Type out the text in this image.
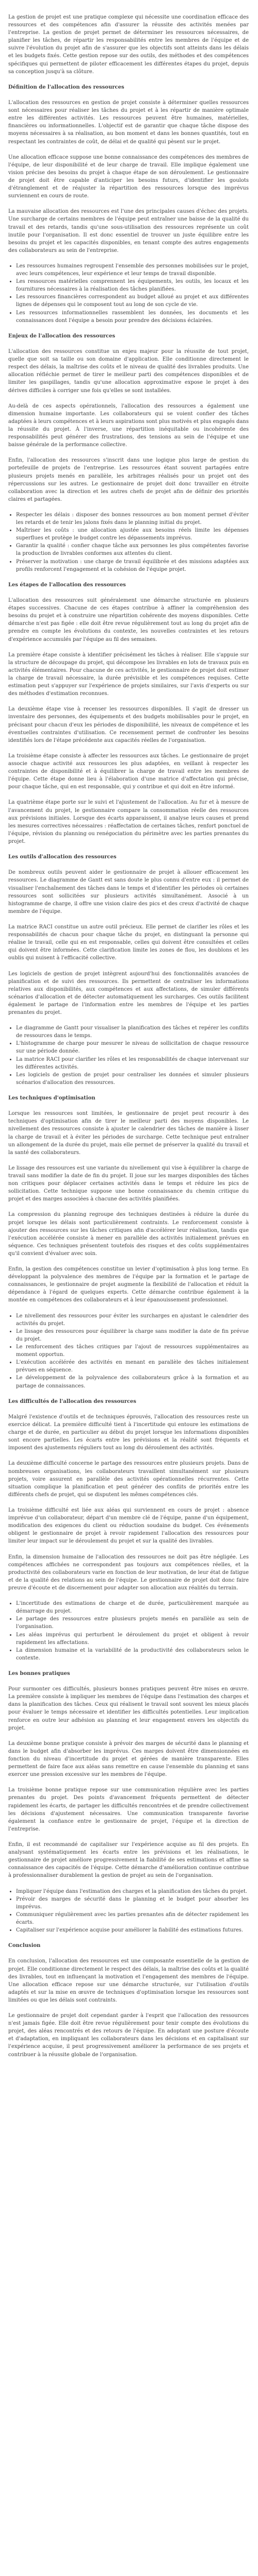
La gestion de projet est une pratique complexe qui nécessite une coordination efficace des ressources et des compétences afin d'assurer la réussite des activités menées par l'entreprise. La gestion de projet permet de déterminer les ressources nécessaires, de planifier les tâches, de répartir les responsabilités entre les membres de l'équipe et de suivre l'évolution du projet afin de s'assurer que les objectifs sont atteints dans les délais et les budgets fixés. Cette gestion repose sur des outils, des méthodes et des compétences spécifiques qui permettent de piloter efficacement les différentes étapes du projet, depuis sa conception jusqu'à sa clôture.

Définition de l'allocation des ressources

L'allocation des ressources en gestion de projet consiste à déterminer quelles ressources sont nécessaires pour réaliser les tâches du projet et à les répartir de manière optimale entre les différentes activités. Les ressources peuvent être humaines, matérielles, financières ou informationnelles. L'objectif est de garantir que chaque tâche dispose des moyens nécessaires à sa réalisation, au bon moment et dans les bonnes quantités, tout en respectant les contraintes de coût, de délai et de qualité qui pèsent sur le projet.

Une allocation efficace suppose une bonne connaissance des compétences des membres de l'équipe, de leur disponibilité et de leur charge de travail. Elle implique également une vision précise des besoins du projet à chaque étape de son déroulement. Le gestionnaire de projet doit être capable d'anticiper les besoins futurs, d'identifier les goulots d'étranglement et de réajuster la répartition des ressources lorsque des imprévus surviennent en cours de route.

La mauvaise allocation des ressources est l'une des principales causes d'échec des projets. Une surcharge de certains membres de l'équipe peut entraîner une baisse de la qualité du travail et des retards, tandis qu'une sous-utilisation des ressources représente un coût inutile pour l'organisation. Il est donc essentiel de trouver un juste équilibre entre les besoins du projet et les capacités disponibles, en tenant compte des autres engagements des collaborateurs au sein de l'entreprise.

• Les ressources humaines regroupent l'ensemble des personnes mobilisées sur le projet, avec leurs compétences, leur expérience et leur temps de travail disponible.
• Les ressources matérielles comprennent les équipements, les outils, les locaux et les fournitures nécessaires à la réalisation des tâches planifiées.
• Les ressources financières correspondent au budget alloué au projet et aux différentes lignes de dépenses qui le composent tout au long de son cycle de vie.
• Les ressources informationnelles rassemblent les données, les documents et les connaissances dont l'équipe a besoin pour prendre des décisions éclairées.

Enjeux de l'allocation des ressources

L'allocation des ressources constitue un enjeu majeur pour la réussite de tout projet, quelle que soit sa taille ou son domaine d'application. Elle conditionne directement le respect des délais, la maîtrise des coûts et le niveau de qualité des livrables produits. Une allocation réfléchie permet de tirer le meilleur parti des compétences disponibles et de limiter les gaspillages, tandis qu'une allocation approximative expose le projet à des dérives difficiles à corriger une fois qu'elles se sont installées.

Au-delà de ces aspects opérationnels, l'allocation des ressources a également une dimension humaine importante. Les collaborateurs qui se voient confier des tâches adaptées à leurs compétences et à leurs aspirations sont plus motivés et plus engagés dans la réussite du projet. À l'inverse, une répartition inéquitable ou incohérente des responsabilités peut générer des frustrations, des tensions au sein de l'équipe et une baisse générale de la performance collective.

Enfin, l'allocation des ressources s'inscrit dans une logique plus large de gestion du portefeuille de projets de l'entreprise. Les ressources étant souvent partagées entre plusieurs projets menés en parallèle, les arbitrages réalisés pour un projet ont des répercussions sur les autres. Le gestionnaire de projet doit donc travailler en étroite collaboration avec la direction et les autres chefs de projet afin de définir des priorités claires et partagées.

• Respecter les délais : disposer des bonnes ressources au bon moment permet d'éviter les retards et de tenir les jalons fixés dans le planning initial du projet.
• Maîtriser les coûts : une allocation ajustée aux besoins réels limite les dépenses superflues et protège le budget contre les dépassements imprévus.
• Garantir la qualité : confier chaque tâche aux personnes les plus compétentes favorise la production de livrables conformes aux attentes du client.
• Préserver la motivation : une charge de travail équilibrée et des missions adaptées aux profils renforcent l'engagement et la cohésion de l'équipe projet.

Les étapes de l'allocation des ressources

L'allocation des ressources suit généralement une démarche structurée en plusieurs étapes successives. Chacune de ces étapes contribue à affiner la compréhension des besoins du projet et à construire une répartition cohérente des moyens disponibles. Cette démarche n'est pas figée : elle doit être revue régulièrement tout au long du projet afin de prendre en compte les évolutions du contexte, les nouvelles contraintes et les retours d'expérience accumulés par l'équipe au fil des semaines.

La première étape consiste à identifier précisément les tâches à réaliser. Elle s'appuie sur la structure de découpage du projet, qui décompose les livrables en lots de travaux puis en activités élémentaires. Pour chacune de ces activités, le gestionnaire de projet doit estimer la charge de travail nécessaire, la durée prévisible et les compétences requises. Cette estimation peut s'appuyer sur l'expérience de projets similaires, sur l'avis d'experts ou sur des méthodes d'estimation reconnues.

La deuxième étape vise à recenser les ressources disponibles. Il s'agit de dresser un inventaire des personnes, des équipements et des budgets mobilisables pour le projet, en précisant pour chacun d'eux les périodes de disponibilité, les niveaux de compétence et les éventuelles contraintes d'utilisation. Ce recensement permet de confronter les besoins identifiés lors de l'étape précédente aux capacités réelles de l'organisation.

La troisième étape consiste à affecter les ressources aux tâches. Le gestionnaire de projet associe chaque activité aux ressources les plus adaptées, en veillant à respecter les contraintes de disponibilité et à équilibrer la charge de travail entre les membres de l'équipe. Cette étape donne lieu à l'élaboration d'une matrice d'affectation qui précise, pour chaque tâche, qui en est responsable, qui y contribue et qui doit en être informé.

La quatrième étape porte sur le suivi et l'ajustement de l'allocation. Au fur et à mesure de l'avancement du projet, le gestionnaire compare la consommation réelle des ressources aux prévisions initiales. Lorsque des écarts apparaissent, il analyse leurs causes et prend les mesures correctives nécessaires : réaffectation de certaines tâches, renfort ponctuel de l'équipe, révision du planning ou renégociation du périmètre avec les parties prenantes du projet.

Les outils d'allocation des ressources

De nombreux outils peuvent aider le gestionnaire de projet à allouer efficacement les ressources. Le diagramme de Gantt est sans doute le plus connu d'entre eux : il permet de visualiser l'enchaînement des tâches dans le temps et d'identifier les périodes où certaines ressources sont sollicitées sur plusieurs activités simultanément. Associé à un histogramme de charge, il offre une vision claire des pics et des creux d'activité de chaque membre de l'équipe.

La matrice RACI constitue un autre outil précieux. Elle permet de clarifier les rôles et les responsabilités de chacun pour chaque tâche du projet, en distinguant la personne qui réalise le travail, celle qui en est responsable, celles qui doivent être consultées et celles qui doivent être informées. Cette clarification limite les zones de flou, les doublons et les oublis qui nuisent à l'efficacité collective.

Les logiciels de gestion de projet intègrent aujourd'hui des fonctionnalités avancées de planification et de suivi des ressources. Ils permettent de centraliser les informations relatives aux disponibilités, aux compétences et aux affectations, de simuler différents scénarios d'allocation et de détecter automatiquement les surcharges. Ces outils facilitent également le partage de l'information entre les membres de l'équipe et les parties prenantes du projet.

• Le diagramme de Gantt pour visualiser la planification des tâches et repérer les conflits de ressources dans le temps.
• L'histogramme de charge pour mesurer le niveau de sollicitation de chaque ressource sur une période donnée.
• La matrice RACI pour clarifier les rôles et les responsabilités de chaque intervenant sur les différentes activités.
• Les logiciels de gestion de projet pour centraliser les données et simuler plusieurs scénarios d'allocation des ressources.

Les techniques d'optimisation

Lorsque les ressources sont limitées, le gestionnaire de projet peut recourir à des techniques d'optimisation afin de tirer le meilleur parti des moyens disponibles. Le nivellement des ressources consiste à ajuster le calendrier des tâches de manière à lisser la charge de travail et à éviter les périodes de surcharge. Cette technique peut entraîner un allongement de la durée du projet, mais elle permet de préserver la qualité du travail et la santé des collaborateurs.

Le lissage des ressources est une variante du nivellement qui vise à équilibrer la charge de travail sans modifier la date de fin du projet. Il joue sur les marges disponibles des tâches non critiques pour déplacer certaines activités dans le temps et réduire les pics de sollicitation. Cette technique suppose une bonne connaissance du chemin critique du projet et des marges associées à chacune des activités planifiées.

La compression du planning regroupe des techniques destinées à réduire la durée du projet lorsque les délais sont particulièrement contraints. Le renforcement consiste à ajouter des ressources sur les tâches critiques afin d'accélérer leur réalisation, tandis que l'exécution accélérée consiste à mener en parallèle des activités initialement prévues en séquence. Ces techniques présentent toutefois des risques et des coûts supplémentaires qu'il convient d'évaluer avec soin.

Enfin, la gestion des compétences constitue un levier d'optimisation à plus long terme. En développant la polyvalence des membres de l'équipe par la formation et le partage de connaissances, le gestionnaire de projet augmente la flexibilité de l'allocation et réduit la dépendance à l'égard de quelques experts. Cette démarche contribue également à la montée en compétences des collaborateurs et à leur épanouissement professionnel.

• Le nivellement des ressources pour éviter les surcharges en ajustant le calendrier des activités du projet.
• Le lissage des ressources pour équilibrer la charge sans modifier la date de fin prévue du projet.
• Le renforcement des tâches critiques par l'ajout de ressources supplémentaires au moment opportun.
• L'exécution accélérée des activités en menant en parallèle des tâches initialement prévues en séquence.
• Le développement de la polyvalence des collaborateurs grâce à la formation et au partage de connaissances.

Les difficultés de l'allocation des ressources

Malgré l'existence d'outils et de techniques éprouvés, l'allocation des ressources reste un exercice délicat. La première difficulté tient à l'incertitude qui entoure les estimations de charge et de durée, en particulier au début du projet lorsque les informations disponibles sont encore partielles. Les écarts entre les prévisions et la réalité sont fréquents et imposent des ajustements réguliers tout au long du déroulement des activités.

La deuxième difficulté concerne le partage des ressources entre plusieurs projets. Dans de nombreuses organisations, les collaborateurs travaillent simultanément sur plusieurs projets, voire assurent en parallèle des activités opérationnelles récurrentes. Cette situation complique la planification et peut générer des conflits de priorités entre les différents chefs de projet, qui se disputent les mêmes compétences clés.

La troisième difficulté est liée aux aléas qui surviennent en cours de projet : absence imprévue d'un collaborateur, départ d'un membre clé de l'équipe, panne d'un équipement, modification des exigences du client ou réduction soudaine du budget. Ces événements obligent le gestionnaire de projet à revoir rapidement l'allocation des ressources pour limiter leur impact sur le déroulement du projet et sur la qualité des livrables.

Enfin, la dimension humaine de l'allocation des ressources ne doit pas être négligée. Les compétences affichées ne correspondent pas toujours aux compétences réelles, et la productivité des collaborateurs varie en fonction de leur motivation, de leur état de fatigue et de la qualité des relations au sein de l'équipe. Le gestionnaire de projet doit donc faire preuve d'écoute et de discernement pour adapter son allocation aux réalités du terrain.

• L'incertitude des estimations de charge et de durée, particulièrement marquée au démarrage du projet.
• Le partage des ressources entre plusieurs projets menés en parallèle au sein de l'organisation.
• Les aléas imprévus qui perturbent le déroulement du projet et obligent à revoir rapidement les affectations.
• La dimension humaine et la variabilité de la productivité des collaborateurs selon le contexte.

Les bonnes pratiques

Pour surmonter ces difficultés, plusieurs bonnes pratiques peuvent être mises en œuvre. La première consiste à impliquer les membres de l'équipe dans l'estimation des charges et dans la planification des tâches. Ceux qui réalisent le travail sont souvent les mieux placés pour évaluer le temps nécessaire et identifier les difficultés potentielles. Leur implication renforce en outre leur adhésion au planning et leur engagement envers les objectifs du projet.

La deuxième bonne pratique consiste à prévoir des marges de sécurité dans le planning et dans le budget afin d'absorber les imprévus. Ces marges doivent être dimensionnées en fonction du niveau d'incertitude du projet et gérées de manière transparente. Elles permettent de faire face aux aléas sans remettre en cause l'ensemble du planning et sans exercer une pression excessive sur les membres de l'équipe.

La troisième bonne pratique repose sur une communication régulière avec les parties prenantes du projet. Des points d'avancement fréquents permettent de détecter rapidement les écarts, de partager les difficultés rencontrées et de prendre collectivement les décisions d'ajustement nécessaires. Une communication transparente favorise également la confiance entre le gestionnaire de projet, l'équipe et la direction de l'entreprise.

Enfin, il est recommandé de capitaliser sur l'expérience acquise au fil des projets. En analysant systématiquement les écarts entre les prévisions et les réalisations, le gestionnaire de projet améliore progressivement la fiabilité de ses estimations et affine sa connaissance des capacités de l'équipe. Cette démarche d'amélioration continue contribue à professionnaliser durablement la gestion de projet au sein de l'organisation.

• Impliquer l'équipe dans l'estimation des charges et la planification des tâches du projet.
• Prévoir des marges de sécurité dans le planning et le budget pour absorber les imprévus.
• Communiquer régulièrement avec les parties prenantes afin de détecter rapidement les écarts.
• Capitaliser sur l'expérience acquise pour améliorer la fiabilité des estimations futures.

Conclusion

En conclusion, l'allocation des ressources est une composante essentielle de la gestion de projet. Elle conditionne directement le respect des délais, la maîtrise des coûts et la qualité des livrables, tout en influençant la motivation et l'engagement des membres de l'équipe. Une allocation efficace repose sur une démarche structurée, sur l'utilisation d'outils adaptés et sur la mise en œuvre de techniques d'optimisation lorsque les ressources sont limitées ou que les délais sont contraints.

Le gestionnaire de projet doit cependant garder à l'esprit que l'allocation des ressources n'est jamais figée. Elle doit être revue régulièrement pour tenir compte des évolutions du projet, des aléas rencontrés et des retours de l'équipe. En adoptant une posture d'écoute et d'adaptation, en impliquant les collaborateurs dans les décisions et en capitalisant sur l'expérience acquise, il peut progressivement améliorer la performance de ses projets et contribuer à la réussite globale de l'organisation.
